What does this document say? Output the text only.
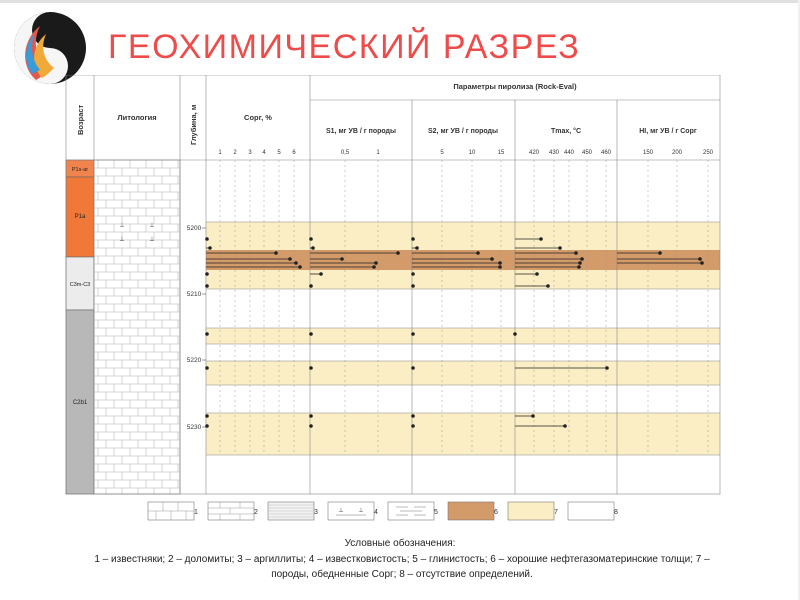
ГЕОХИМИЧЕСКИЙ РАЗРЕЗ
P1s-ar
P1a
C3m-C3
C2b1
⊥	⊥
⊥	⊥
Возраст	Литология	Глубина, м	Сорг, %
Параметры пиролиза (Rock-Eval)
S1, мг УВ / г породы	S2, мг УВ / г породы	Tmax, °C	HI, мг УВ / г Сорг
1 2 3 4 5 6	0,5	1	5	10	15	420 430 440 450 460	150	200	250
5200
5210
5220
5230
1	2	3	⊥ ⊥ 4	5	6	7	8
Условные обозначения:
1 – известняки; 2 – доломиты; 3 – аргиллиты; 4 – известковистость; 5 – глинистость; 6 – хорошие нефтегазоматеринские толщи; 7 –
породы, обедненные Сорг; 8 – отсутствие определений.
